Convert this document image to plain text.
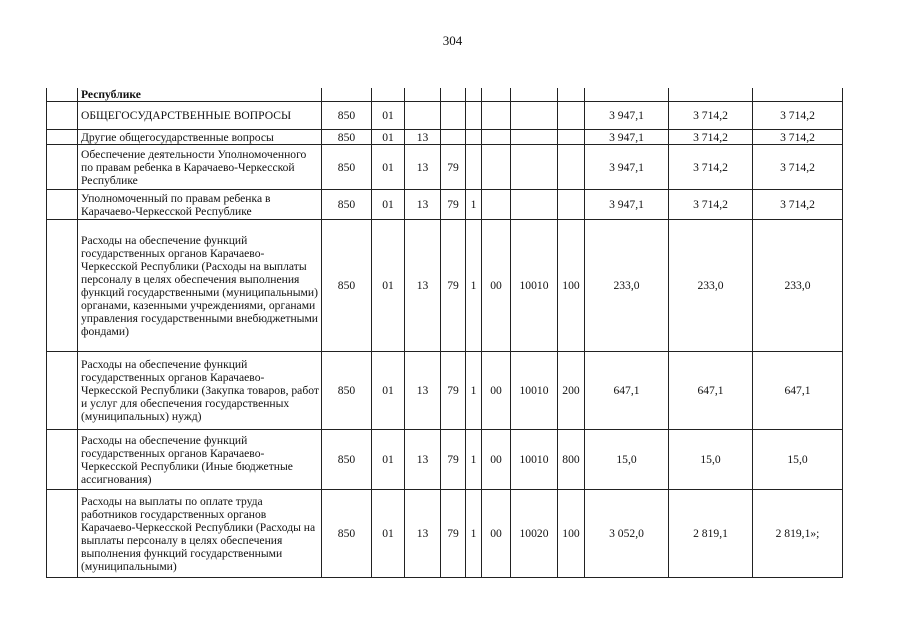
304
	Республике											
	ОБЩЕГОСУДАРСТВЕННЫЕ ВОПРОСЫ	850	01							3 947,1	3 714,2	3 714,2
	Другие общегосударственные вопросы	850	01	13						3 947,1	3 714,2	3 714,2
	Обеспечение деятельности Уполномоченного по правам ребенка в Карачаево-Черкесской Республике	850	01	13	79					3 947,1	3 714,2	3 714,2
	Уполномоченный по правам ребенка в Карачаево-Черкесской Республике	850	01	13	79	1				3 947,1	3 714,2	3 714,2
	Расходы на обеспечение функций государственных органов Карачаево-Черкесской Республики (Расходы на выплаты персоналу в целях обеспечения выполнения функций государственными (муниципальными) органами, казенными учреждениями, органами управления государственными внебюджетными фондами)	850	01	13	79	1	00	10010	100	233,0	233,0	233,0
	Расходы на обеспечение функций государственных органов Карачаево-Черкесской Республики (Закупка товаров, работ и услуг для обеспечения государственных (муниципальных) нужд)	850	01	13	79	1	00	10010	200	647,1	647,1	647,1
	Расходы на обеспечение функций государственных органов Карачаево-Черкесской Республики (Иные бюджетные ассигнования)	850	01	13	79	1	00	10010	800	15,0	15,0	15,0
	Расходы на выплаты по оплате труда работников государственных органов Карачаево-Черкесской Республики (Расходы на выплаты персоналу в целях обеспечения выполнения функций государственными (муниципальными)	850	01	13	79	1	00	10020	100	3 052,0	2 819,1	2 819,1»;
